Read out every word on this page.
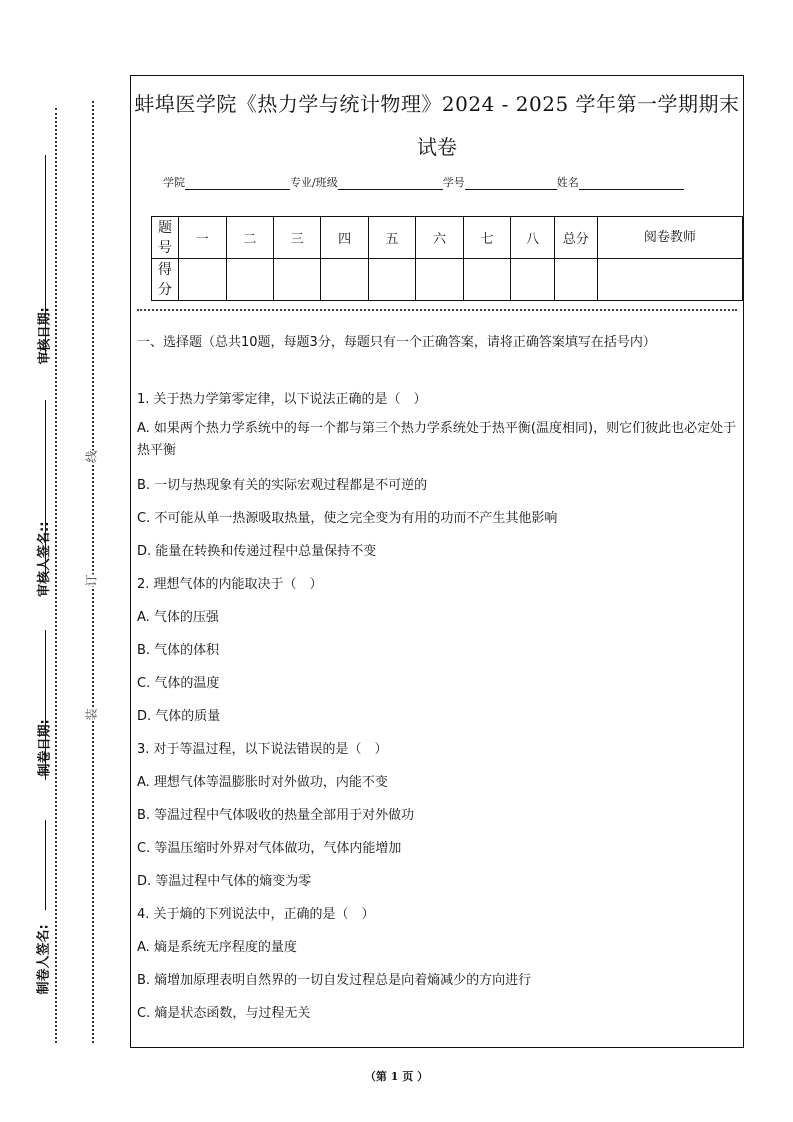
审核日期:
审核人签名::
制卷日期:
制卷人签名:
线
订
装
蚌埠医学院《热力学与统计物理》2024 - 2025 学年第一学期期末
试卷
学院	专业/班级	学号	姓名
题号	一	二	三	四	五	六	七	八	总分	阅卷教师
得分										
一、选择题（总共10题，每题3分，每题只有一个正确答案，请将正确答案填写在括号内）
1. 关于热力学第零定律，以下说法正确的是（　）
A. 如果两个热力学系统中的每一个都与第三个热力学系统处于热平衡(温度相同)，则它们彼此也必定处于热平衡
B. 一切与热现象有关的实际宏观过程都是不可逆的
C. 不可能从单一热源吸取热量，使之完全变为有用的功而不产生其他影响
D. 能量在转换和传递过程中总量保持不变
2. 理想气体的内能取决于（　）
A. 气体的压强
B. 气体的体积
C. 气体的温度
D. 气体的质量
3. 对于等温过程，以下说法错误的是（　）
A. 理想气体等温膨胀时对外做功，内能不变
B. 等温过程中气体吸收的热量全部用于对外做功
C. 等温压缩时外界对气体做功，气体内能增加
D. 等温过程中气体的熵变为零
4. 关于熵的下列说法中，正确的是（　）
A. 熵是系统无序程度的量度
B. 熵增加原理表明自然界的一切自发过程总是向着熵减少的方向进行
C. 熵是状态函数，与过程无关
（第 1 页 ）
